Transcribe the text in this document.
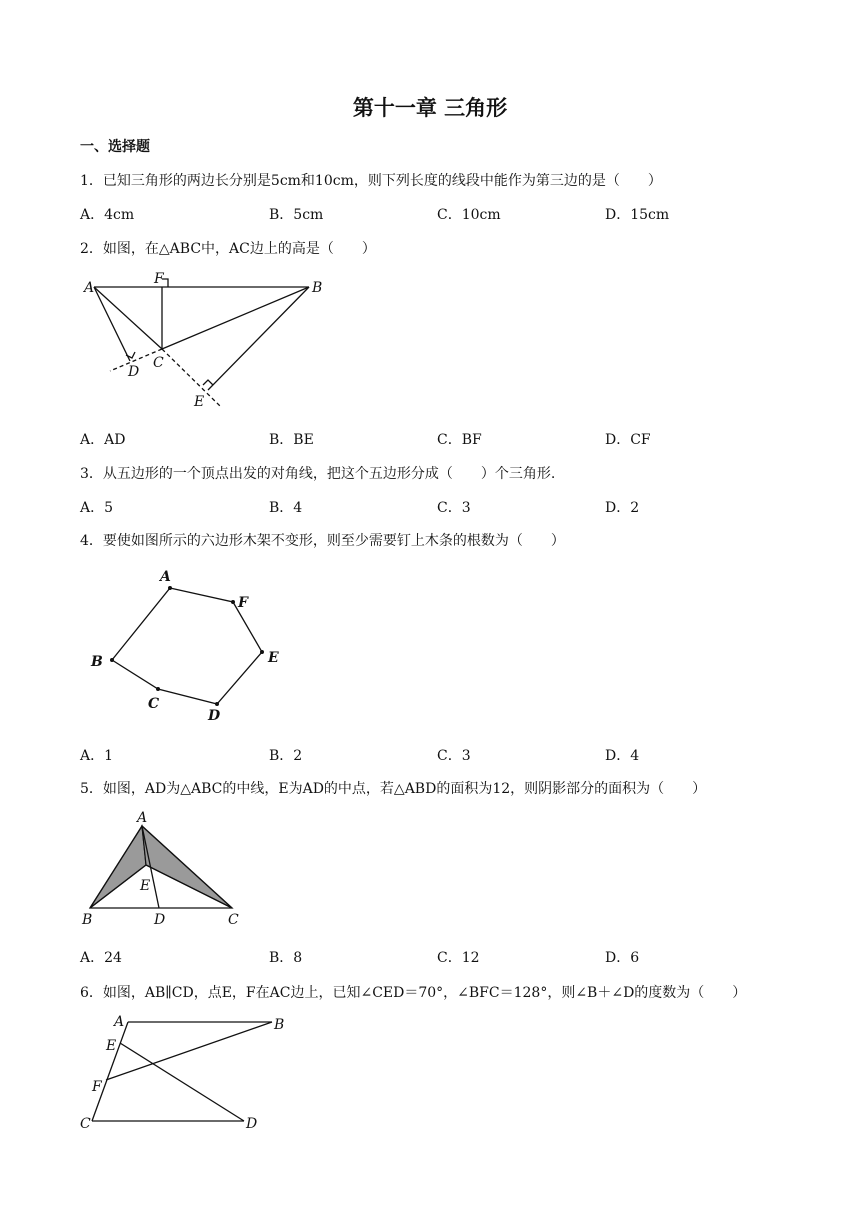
第十一章 三角形
一、选择题
1．已知三角形的两边长分别是5cm和10cm，则下列长度的线段中能作为第三边的是（　　）
A．4cm	B．5cm	C．10cm	D．15cm
2．如图，在△ABC中，AC边上的高是（　　）
A
F
B
C
D
E
A．AD	B．BE	C．BF	D．CF
3．从五边形的一个顶点出发的对角线，把这个五边形分成（　　）个三角形.
A．5	B．4	C．3	D．2
4．要使如图所示的六边形木架不变形，则至少需要钉上木条的根数为（　　）
A
F
B	E
C
D
A．1	B．2	C．3	D．4
5．如图，AD为△ABC的中线，E为AD的中点，若△ABD的面积为12，则阴影部分的面积为（　　）
A
E
B	D	C
A．24	B．8	C．12	D．6
6．如图，AB∥CD，点E，F在AC边上，已知∠CED＝70°，∠BFC＝128°，则∠B＋∠D的度数为（　　）
A	B
E
F
C	D
